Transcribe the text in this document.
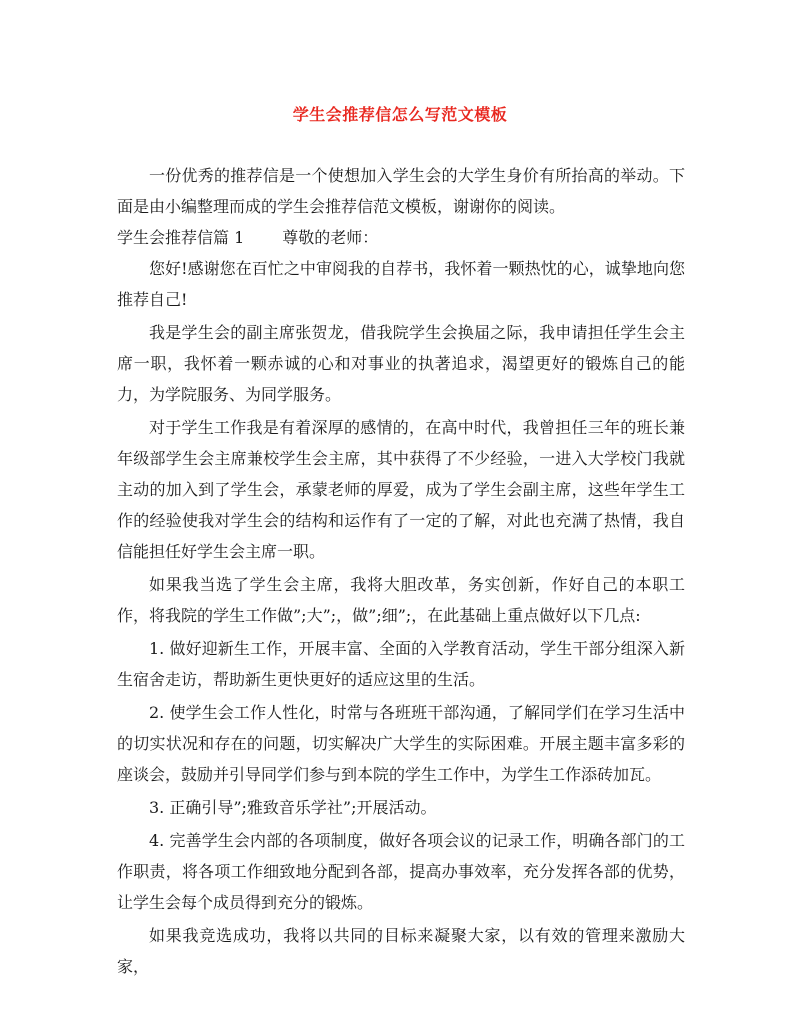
学生会推荐信怎么写范文模板

一份优秀的推荐信是一个使想加入学生会的大学生身价有所抬高的举动。下面是由小编整理而成的学生会推荐信范文模板，谢谢你的阅读。

学生会推荐信篇 1 尊敬的老师：

您好!感谢您在百忙之中审阅我的自荐书，我怀着一颗热忱的心，诚挚地向您推荐自己!

我是学生会的副主席张贺龙，借我院学生会换届之际，我申请担任学生会主席一职，我怀着一颗赤诚的心和对事业的执著追求，渴望更好的锻炼自己的能力，为学院服务、为同学服务。

对于学生工作我是有着深厚的感情的，在高中时代，我曾担任三年的班长兼年级部学生会主席兼校学生会主席，其中获得了不少经验，一进入大学校门我就主动的加入到了学生会，承蒙老师的厚爱，成为了学生会副主席，这些年学生工作的经验使我对学生会的结构和运作有了一定的了解，对此也充满了热情，我自信能担任好学生会主席一职。

如果我当选了学生会主席，我将大胆改革，务实创新，作好自己的本职工作，将我院的学生工作做”;大”;，做”;细”;，在此基础上重点做好以下几点:

1. 做好迎新生工作，开展丰富、全面的入学教育活动，学生干部分组深入新生宿舍走访，帮助新生更快更好的适应这里的生活。

2. 使学生会工作人性化，时常与各班班干部沟通，了解同学们在学习生活中的切实状况和存在的问题，切实解决广大学生的实际困难。开展主题丰富多彩的座谈会，鼓励并引导同学们参与到本院的学生工作中，为学生工作添砖加瓦。

3. 正确引导”;雅致音乐学社”;开展活动。

4. 完善学生会内部的各项制度，做好各项会议的记录工作，明确各部门的工作职责，将各项工作细致地分配到各部，提高办事效率，充分发挥各部的优势，让学生会每个成员得到充分的锻炼。

如果我竞选成功，我将以共同的目标来凝聚大家，以有效的管理来激励大家，
